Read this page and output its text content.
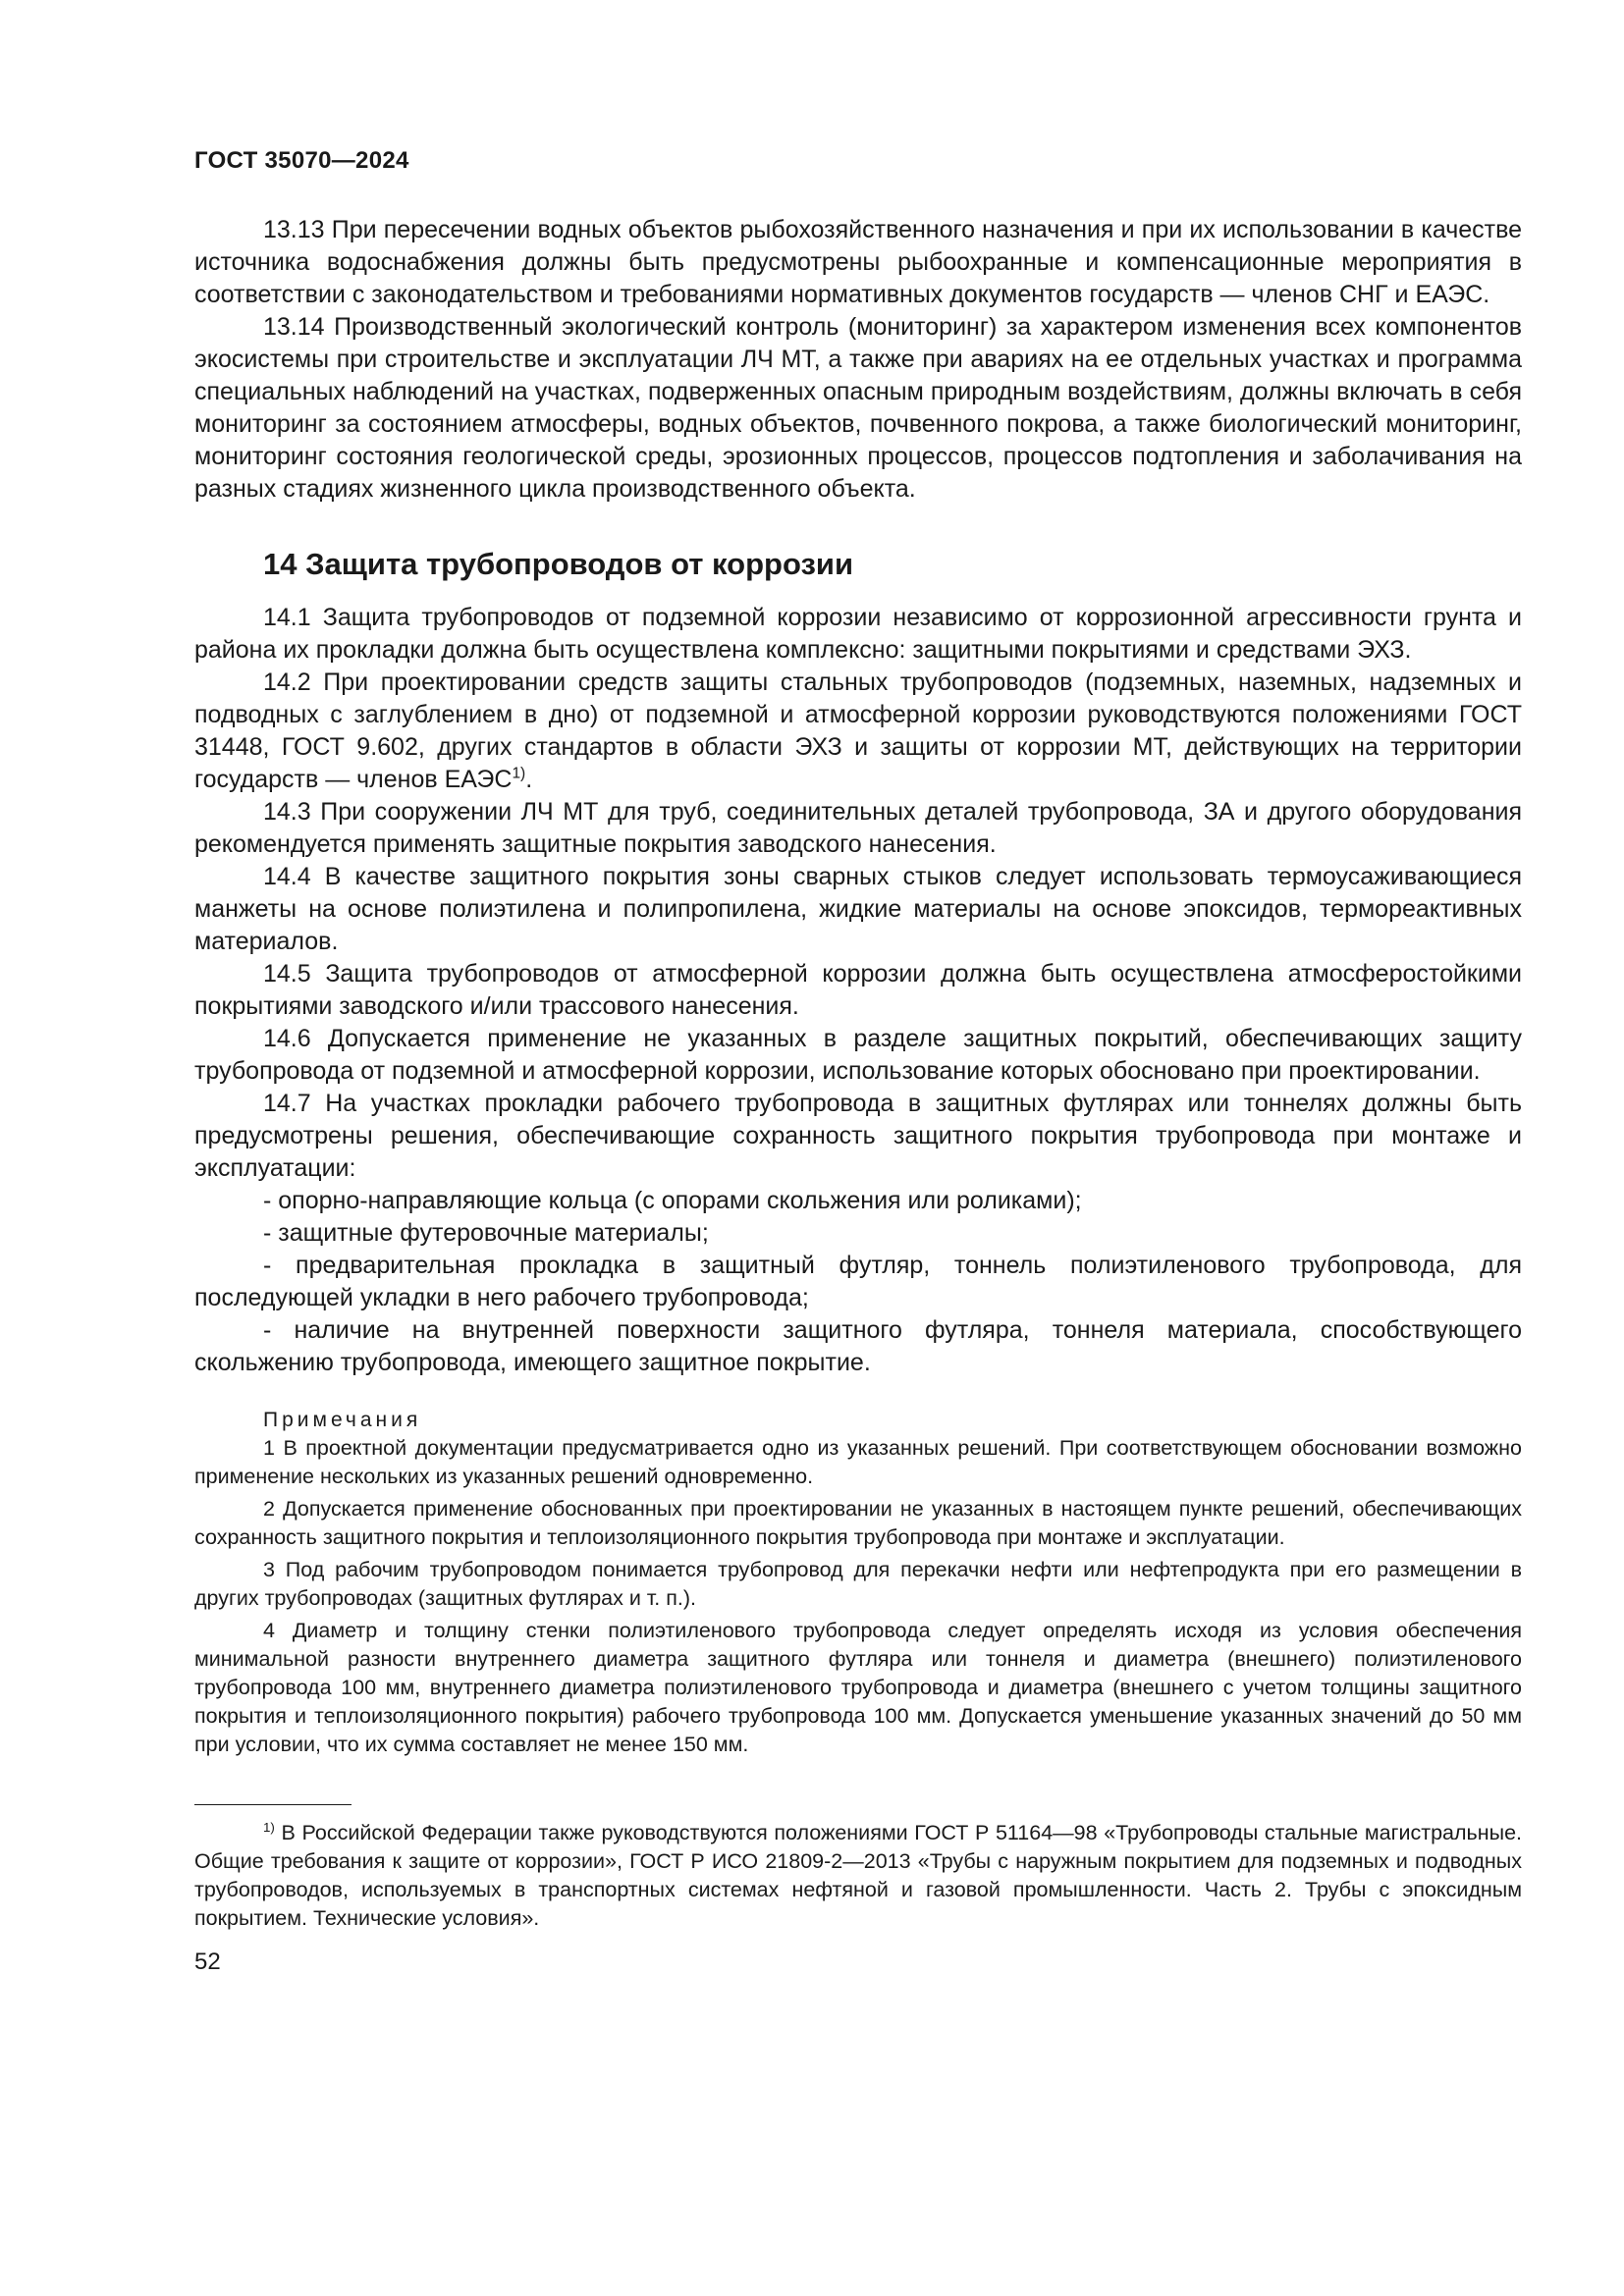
ГОСТ 35070—2024

13.13 При пересечении водных объектов рыбохозяйственного назначения и при их использовании в качестве источника водоснабжения должны быть предусмотрены рыбоохранные и компенсационные мероприятия в соответствии с законодательством и требованиями нормативных документов государств — членов СНГ и ЕАЭС.

13.14 Производственный экологический контроль (мониторинг) за характером изменения всех компонентов экосистемы при строительстве и эксплуатации ЛЧ МТ, а также при авариях на ее отдельных участках и программа специальных наблюдений на участках, подверженных опасным природным воздействиям, должны включать в себя мониторинг за состоянием атмосферы, водных объектов, почвенного покрова, а также биологический мониторинг, мониторинг состояния геологической среды, эрозионных процессов, процессов подтопления и заболачивания на разных стадиях жизненного цикла производственного объекта.

14 Защита трубопроводов от коррозии

14.1 Защита трубопроводов от подземной коррозии независимо от коррозионной агрессивности грунта и района их прокладки должна быть осуществлена комплексно: защитными покрытиями и средствами ЭХЗ.

14.2 При проектировании средств защиты стальных трубопроводов (подземных, наземных, надземных и подводных с заглублением в дно) от подземной и атмосферной коррозии руководствуются положениями ГОСТ 31448, ГОСТ 9.602, других стандартов в области ЭХЗ и защиты от коррозии МТ, действующих на территории государств — членов ЕАЭС$^{1)}$.

14.3 При сооружении ЛЧ МТ для труб, соединительных деталей трубопровода, ЗА и другого оборудования рекомендуется применять защитные покрытия заводского нанесения.

14.4 В качестве защитного покрытия зоны сварных стыков следует использовать термоусаживающиеся манжеты на основе полиэтилена и полипропилена, жидкие материалы на основе эпоксидов, термореактивных материалов.

14.5 Защита трубопроводов от атмосферной коррозии должна быть осуществлена атмосферостойкими покрытиями заводского и/или трассового нанесения.

14.6 Допускается применение не указанных в разделе защитных покрытий, обеспечивающих защиту трубопровода от подземной и атмосферной коррозии, использование которых обосновано при проектировании.

14.7 На участках прокладки рабочего трубопровода в защитных футлярах или тоннелях должны быть предусмотрены решения, обеспечивающие сохранность защитного покрытия трубопровода при монтаже и эксплуатации:

- опорно-направляющие кольца (с опорами скольжения или роликами);

- защитные футеровочные материалы;

- предварительная прокладка в защитный футляр, тоннель полиэтиленового трубопровода, для последующей укладки в него рабочего трубопровода;

- наличие на внутренней поверхности защитного футляра, тоннеля материала, способствующего скольжению трубопровода, имеющего защитное покрытие.

Примечания

1 В проектной документации предусматривается одно из указанных решений. При соответствующем обосновании возможно применение нескольких из указанных решений одновременно.

2 Допускается применение обоснованных при проектировании не указанных в настоящем пункте решений, обеспечивающих сохранность защитного покрытия и теплоизоляционного покрытия трубопровода при монтаже и эксплуатации.

3 Под рабочим трубопроводом понимается трубопровод для перекачки нефти или нефтепродукта при его размещении в других трубопроводах (защитных футлярах и т. п.).

4 Диаметр и толщину стенки полиэтиленового трубопровода следует определять исходя из условия обеспечения минимальной разности внутреннего диаметра защитного футляра или тоннеля и диаметра (внешнего) полиэтиленового трубопровода 100 мм, внутреннего диаметра полиэтиленового трубопровода и диаметра (внешнего с учетом толщины защитного покрытия и теплоизоляционного покрытия) рабочего трубопровода 100 мм. Допускается уменьшение указанных значений до 50 мм при условии, что их сумма составляет не менее 150 мм.

$^{1)}$ В Российской Федерации также руководствуются положениями ГОСТ Р 51164—98 «Трубопроводы стальные магистральные. Общие требования к защите от коррозии», ГОСТ Р ИСО 21809-2—2013 «Трубы с наружным покрытием для подземных и подводных трубопроводов, используемых в транспортных системах нефтяной и газовой промышленности. Часть 2. Трубы с эпоксидным покрытием. Технические условия».

52
